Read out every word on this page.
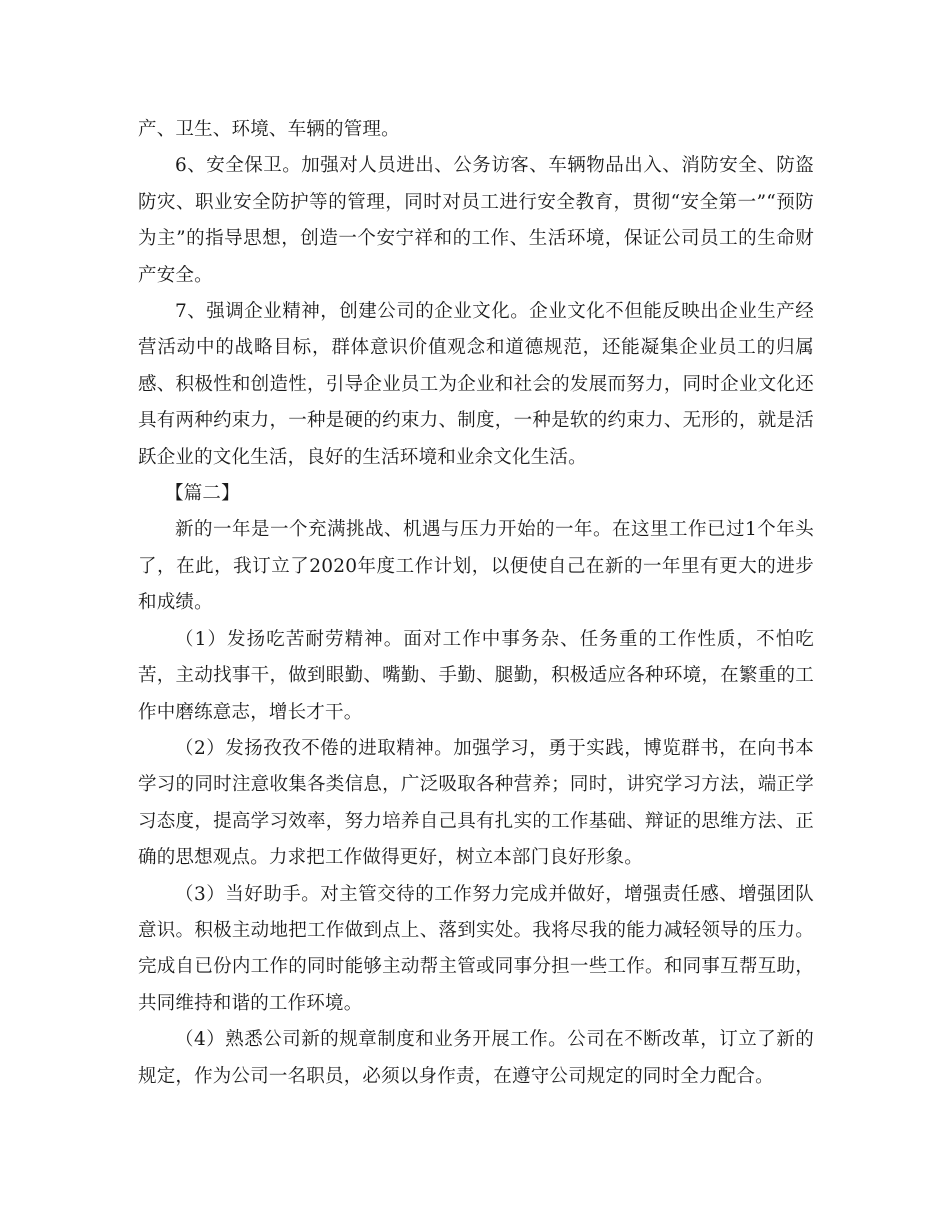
产、卫生、环境、车辆的管理。

6、安全保卫。加强对人员进出、公务访客、车辆物品出入、消防安全、防盗防灾、职业安全防护等的管理，同时对员工进行安全教育，贯彻“安全第一”“预防为主”的指导思想，创造一个安宁祥和的工作、生活环境，保证公司员工的生命财产安全。

7、强调企业精神，创建公司的企业文化。企业文化不但能反映出企业生产经营活动中的战略目标，群体意识价值观念和道德规范，还能凝集企业员工的归属感、积极性和创造性，引导企业员工为企业和社会的发展而努力，同时企业文化还具有两种约束力，一种是硬的约束力、制度，一种是软的约束力、无形的，就是活跃企业的文化生活，良好的生活环境和业余文化生活。

【篇二】

新的一年是一个充满挑战、机遇与压力开始的一年。在这里工作已过1个年头了，在此，我订立了2020年度工作计划，以便使自己在新的一年里有更大的进步和成绩。

（1）发扬吃苦耐劳精神。面对工作中事务杂、任务重的工作性质，不怕吃苦，主动找事干，做到眼勤、嘴勤、手勤、腿勤，积极适应各种环境，在繁重的工作中磨练意志，增长才干。

（2）发扬孜孜不倦的进取精神。加强学习，勇于实践，博览群书，在向书本学习的同时注意收集各类信息，广泛吸取各种营养；同时，讲究学习方法，端正学习态度，提高学习效率，努力培养自己具有扎实的工作基础、辩证的思维方法、正确的思想观点。力求把工作做得更好，树立本部门良好形象。

（3）当好助手。对主管交待的工作努力完成并做好，增强责任感、增强团队意识。积极主动地把工作做到点上、落到实处。我将尽我的能力减轻领导的压力。完成自已份内工作的同时能够主动帮主管或同事分担一些工作。和同事互帮互助，共同维持和谐的工作环境。

（4）熟悉公司新的规章制度和业务开展工作。公司在不断改革，订立了新的规定，作为公司一名职员，必须以身作责，在遵守公司规定的同时全力配合。
